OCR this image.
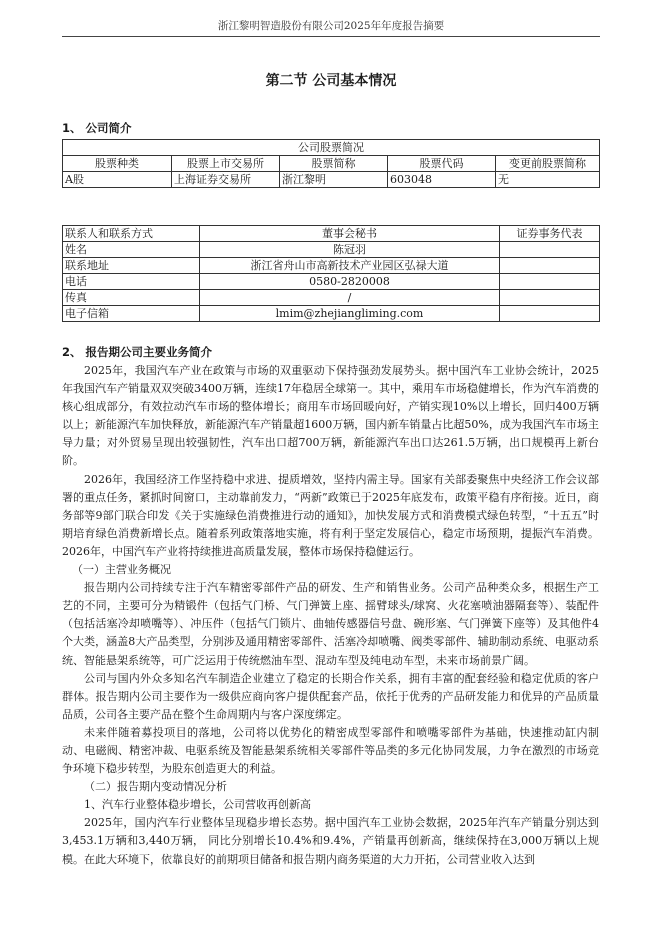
浙江黎明智造股份有限公司2025年年度报告摘要
第二节 公司基本情况
1、 公司简介
公司股票简况				
股票种类	股票上市交易所	股票简称	股票代码	变更前股票简称
A股	上海证券交易所	浙江黎明	603048	无
联系人和联系方式	董事会秘书	证券事务代表
姓名	陈冠羽	
联系地址	浙江省舟山市高新技术产业园区弘禄大道	
电话	0580-2820008	
传真	/	
电子信箱	lmim@zhejiangliming.com	
2、 报告期公司主要业务简介

2025年，我国汽车产业在政策与市场的双重驱动下保持强劲发展势头。据中国汽车工业协会统计，2025年我国汽车产销量双双突破3400万辆，连续17年稳居全球第一。其中，乘用车市场稳健增长，作为汽车消费的核心组成部分，有效拉动汽车市场的整体增长；商用车市场回暖向好，产销实现10%以上增长，回归400万辆以上；新能源汽车加快释放，新能源汽车产销量超1600万辆，国内新车销量占比超50%，成为我国汽车市场主导力量；对外贸易呈现出较强韧性，汽车出口超700万辆，新能源汽车出口达261.5万辆，出口规模再上新台阶。

2026年，我国经济工作坚持稳中求进、提质增效，坚持内需主导。国家有关部委聚焦中央经济工作会议部署的重点任务，紧抓时间窗口，主动靠前发力，“两新”政策已于2025年底发布，政策平稳有序衔接。近日，商务部等9部门联合印发《关于实施绿色消费推进行动的通知》，加快发展方式和消费模式绿色转型，“十五五”时期培育绿色消费新增长点。随着系列政策落地实施，将有利于坚定发展信心，稳定市场预期，提振汽车消费。2026年，中国汽车产业将持续推进高质量发展，整体市场保持稳健运行。

（一）主营业务概况

报告期内公司持续专注于汽车精密零部件产品的研发、生产和销售业务。公司产品种类众多，根据生产工艺的不同，主要可分为精锻件（包括气门桥、气门弹簧上座、摇臂球头/球窝、火花塞喷油器隔套等）、装配件（包括活塞冷却喷嘴等）、冲压件（包括气门锁片、曲轴传感器信号盘、碗形塞、气门弹簧下座等）及其他件4个大类，涵盖8大产品类型，分别涉及通用精密零部件、活塞冷却喷嘴、阀类零部件、辅助制动系统、电驱动系统、智能悬架系统等，可广泛运用于传统燃油车型、混动车型及纯电动车型，未来市场前景广阔。

公司与国内外众多知名汽车制造企业建立了稳定的长期合作关系，拥有丰富的配套经验和稳定优质的客户群体。报告期内公司主要作为一级供应商向客户提供配套产品，依托于优秀的产品研发能力和优异的产品质量品质，公司各主要产品在整个生命周期内与客户深度绑定。

未来伴随着募投项目的落地，公司将以优势化的精密成型零部件和喷嘴零部件为基础，快速推动缸内制动、电磁阀、精密冲裁、电驱系统及智能悬架系统相关零部件等品类的多元化协同发展，力争在激烈的市场竞争环境下稳步转型，为股东创造更大的利益。

（二）报告期内变动情况分析

1、汽车行业整体稳步增长，公司营收再创新高

2025年，国内汽车行业整体呈现稳步增长态势。据中国汽车工业协会数据，2025年汽车产销量分别达到3,453.1万辆和3,440万辆， 同比分别增长10.4%和9.4%，产销量再创新高，继续保持在3,000万辆以上规模。在此大环境下，依靠良好的前期项目储备和报告期内商务渠道的大力开拓，公司营业收入达到
